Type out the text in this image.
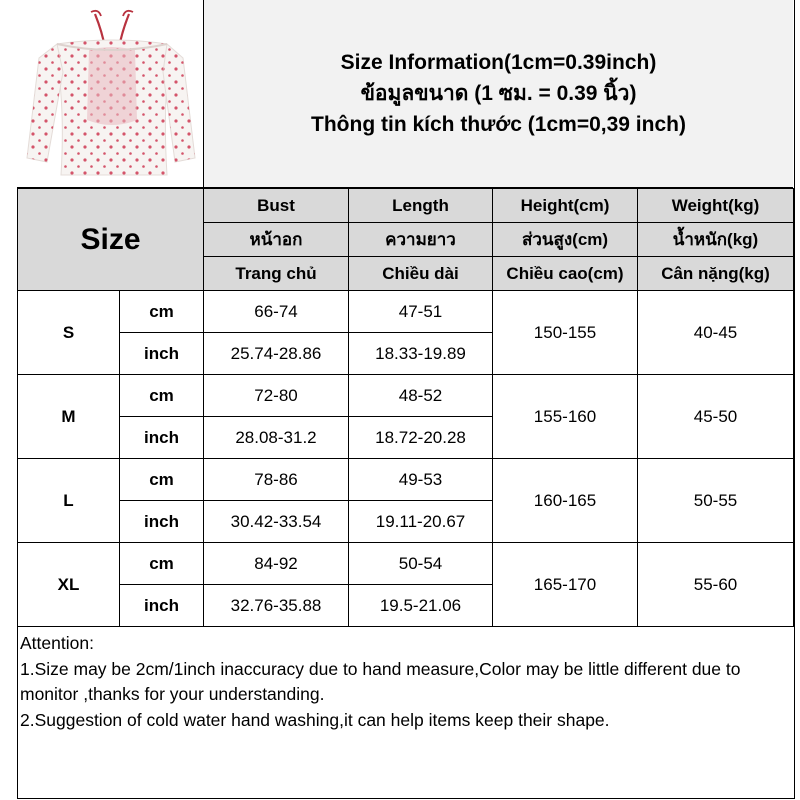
Size Information(1cm=0.39inch)
ข้อมูลขนาด (1 ซม. = 0.39 นิ้ว)
Thông tin kích thước (1cm=0,39 inch)
Size		Bust	Length	Height(cm)	Weight(kg)
		หน้าอก	ความยาว	ส่วนสูง(cm)	น้ำหนัก(kg)
		Trang chủ	Chiều dài	Chiều cao(cm)	Cân nặng(kg)
S	cm	66-74	47-51	150-155	40-45
	inch	25.74-28.86	18.33-19.89		
M	cm	72-80	48-52	155-160	45-50
	inch	28.08-31.2	18.72-20.28		
L	cm	78-86	49-53	160-165	50-55
	inch	30.42-33.54	19.11-20.67		
XL	cm	84-92	50-54	165-170	55-60
	inch	32.76-35.88	19.5-21.06		

Attention:

1.Size may be 2cm/1inch inaccuracy due to hand measure,Color may be little different due to monitor ,thanks for your understanding.

2.Suggestion of cold water hand washing,it can help items keep their shape.
